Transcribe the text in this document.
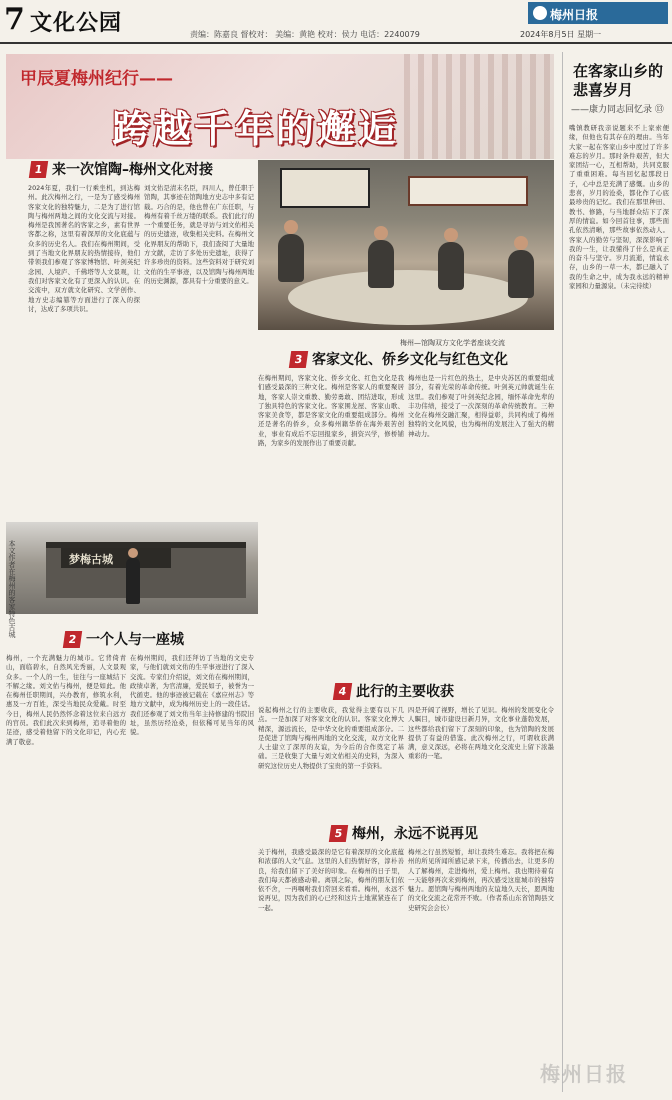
7 文化公园	责编：陈嘉良 督校对： 美编：黄艳 校对：侯力 电话：2240079
梅州日报
2024年8月5日 星期一
甲辰夏梅州纪行——
跨越千年的邂逅
1 来一次馆陶–梅州文化对接
2024年夏，我们一行乘坐机，到达梅州。此次梅州之行，一是为了感受梅州客家文化的独特魅力，二是为了进行馆陶与梅州两地之间的文化交流与对接。梅州是我国著名的客家之乡，素有世界客都之称，这里有着深厚的文化底蕴与众多的历史名人。我们在梅州期间，受到了当地文化界朋友的热情接待，他们带领我们参观了客家博物馆、叶剑英纪念园、人境庐、千佛塔等人文景观，让我们对客家文化有了更深入的认识。在交流中，双方就文化研究、文学创作、地方史志编纂等方面进行了深入的探讨，达成了多项共识。
刘文佑是清末名臣，四川人，曾任职于馆陶，其事迹在馆陶地方史志中多有记载。巧合的是，他也曾在广东任职，与梅州有着千丝万缕的联系。我们此行的一个重要任务，就是寻访与刘文佑相关的历史遗迹，收集相关史料。在梅州文化界朋友的帮助下，我们查阅了大量地方文献，走访了多处历史遗址，获得了许多珍贵的资料。这些资料对于研究刘文佑的生平事迹，以及馆陶与梅州两地的历史渊源，都具有十分重要的意义。
梅州—馆陶双方文化学者座谈交流
3 客家文化、侨乡文化与红色文化
在梅州期间，客家文化、侨乡文化、红色文化是我们感受最深的三种文化。梅州是客家人的重要聚居地，客家人崇文重教、勤劳勇敢、团结进取，形成了独具特色的客家文化。客家围龙屋、客家山歌、客家美食等，都是客家文化的重要组成部分。梅州还是著名的侨乡，众多梅州籍华侨在海外艰苦创业，事业有成后不忘回报家乡，捐资兴学，修桥铺路，为家乡的发展作出了重要贡献。
梅州也是一片红色的热土，是中央苏区的重要组成部分，有着光荣的革命传统。叶剑英元帅就诞生在这里。我们参观了叶剑英纪念园，缅怀革命先辈的丰功伟绩，接受了一次深刻的革命传统教育。三种文化在梅州交融汇聚，相得益彰，共同构成了梅州独特的文化风貌，也为梅州的发展注入了强大的精神动力。
梦梅古城
本文作者在梅州的客家特色古城
2 一个人与一座城
梅州，一个充满魅力的城市。它背倚青山，面临碧水，自然风光秀丽，人文景观众多。一个人的一生，往往与一座城结下不解之缘。刘文佑与梅州，便是如此。他在梅州任职期间，兴办教育，修筑水利，惠及一方百姓，深受当地民众爱戴。时至今日，梅州人民仍然怀念着这位来自远方的官员。我们此次来到梅州，追寻着他的足迹，感受着他留下的文化印记，内心充满了敬意。
在梅州期间，我们还拜访了当地的文史专家，与他们就刘文佑的生平事迹进行了深入交流。专家们介绍说，刘文佑在梅州期间，政绩卓著，为官清廉，爱民如子，被誉为一代循吏。他的事迹被记载在《嘉应州志》等地方文献中，成为梅州历史上的一段佳话。我们还参观了刘文佑当年主持修建的书院旧址，虽然历经沧桑，但依稀可见当年的风貌。
4 此行的主要收获
说起梅州之行的主要收获，我觉得主要有以下几点。一是加深了对客家文化的认识。客家文化博大精深，源远流长，是中华文化的重要组成部分。二是促进了馆陶与梅州两地的文化交流，双方文化界人士建立了深厚的友谊，为今后的合作奠定了基础。三是收集了大量与刘文佑相关的史料，为深入研究这位历史人物提供了宝贵的第一手资料。
四是开阔了视野，增长了见识。梅州的发展变化令人瞩目，城市建设日新月异，文化事业蓬勃发展，这些都给我们留下了深刻的印象，也为馆陶的发展提供了有益的借鉴。此次梅州之行，可谓收获满满，意义深远，必将在两地文化交流史上留下浓墨重彩的一笔。
5 梅州，永远不说再见
关于梅州，我感受最深的是它有着深厚的文化底蕴和浓郁的人文气息。这里的人们热情好客，淳朴善良，给我们留下了美好的印象。在梅州的日子里，我们每天都被感动着。离别之际，梅州的朋友们依依不舍，一再嘱咐我们常回来看看。梅州，永远不说再见，因为我们的心已经和这片土地紧紧连在了一起。
梅州之行虽然短暂，却让我终生难忘。我将把在梅州的所见所闻所感记录下来，传播出去，让更多的人了解梅州，走进梅州，爱上梅州。我也期待着有一天能够再次来到梅州，再次感受这座城市的独特魅力。愿馆陶与梅州两地的友谊地久天长，愿两地的文化交流之花常开不败。（作者系山东省馆陶县文史研究会会长）
在客家山乡的悲喜岁月
——康力同志回忆录 ⑬
嘴镇教研我亲说题来不上家索便缘，但他也有其存在的理由。当年大家一起在客家山乡中度过了许多难忘的岁月。那时条件艰苦，但大家团结一心，互相帮助，共同克服了重重困难。每当回忆起那段日子，心中总是充满了感慨。山乡的悲喜，岁月的沧桑，都化作了心底最珍贵的记忆。我们在那里种田、教书、修路，与当地群众结下了深厚的情谊。如今回首往事，那些面孔依然清晰，那些故事依然动人。客家人的勤劳与坚韧，深深影响了我的一生，让我懂得了什么是真正的奋斗与坚守。岁月流逝，情谊永存，山乡的一草一木，都已融入了我的生命之中，成为我永远的精神家园和力量源泉。（未完待续）
梅州日报
